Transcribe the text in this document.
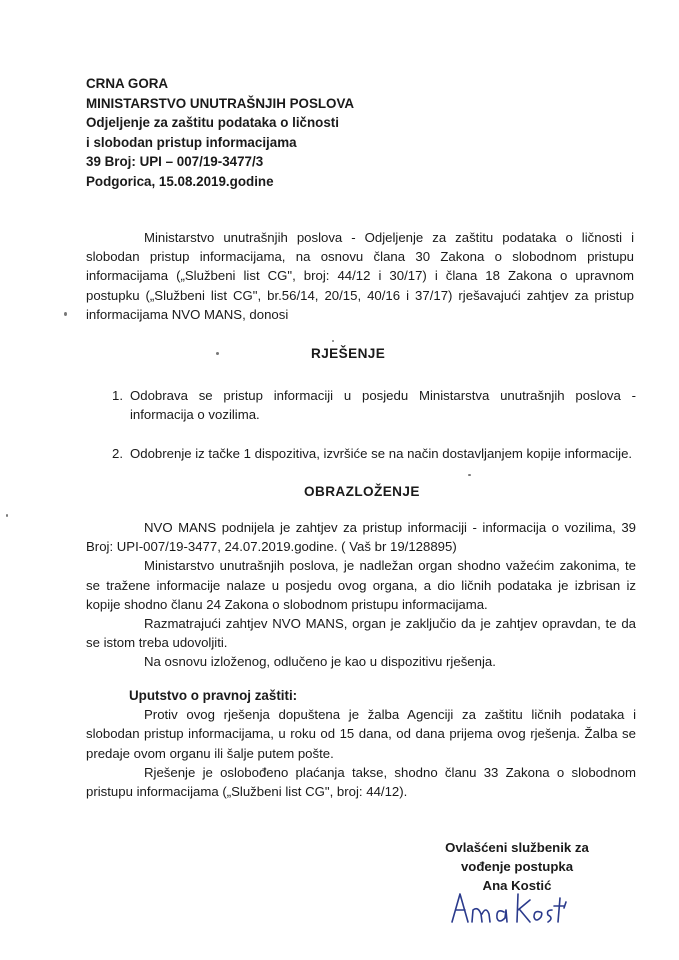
CRNA GORA
MINISTARSTVO UNUTRAŠNJIH POSLOVA
Odjeljenje za zaštitu podataka o ličnosti
i slobodan pristup informacijama
39 Broj: UPI – 007/19-3477/3
Podgorica, 15.08.2019.godine
Ministarstvo unutrašnjih poslova - Odjeljenje za zaštitu podataka o ličnosti i slobodan pristup informacijama, na osnovu člana 30 Zakona o slobodnom pristupu informacijama („Službeni list CG", broj: 44/12 i 30/17) i člana 18 Zakona o upravnom postupku („Službeni list CG", br.56/14, 20/15, 40/16 i 37/17) rješavajući zahtjev za pristup informacijama NVO MANS, donosi
RJEŠENJE
1. Odobrava se pristup informaciji u posjedu Ministarstva unutrašnjih poslova - informacija o vozilima.
2. Odobrenje iz tačke 1 dispozitiva, izvršiće se na način dostavljanjem kopije informacije.
OBRAZLOŽENJE

NVO MANS podnijela je zahtjev za pristup informaciji - informacija o vozilima, 39 Broj: UPI-007/19-3477, 24.07.2019.godine. ( Vaš br 19/128895)

Ministarstvo unutrašnjih poslova, je nadležan organ shodno važećim zakonima, te se tražene informacije nalaze u posjedu ovog organa, a dio ličnih podataka je izbrisan iz kopije shodno članu 24 Zakona o slobodnom pristupu informacijama.

Razmatrajući zahtjev NVO MANS, organ je zaključio da je zahtjev opravdan, te da se istom treba udovoljiti.

Na osnovu izloženog, odlučeno je kao u dispozitivu rješenja.

Uputstvo o pravnoj zaštiti:

Protiv ovog rješenja dopuštena je žalba Agenciji za zaštitu ličnih podataka i slobodan pristup informacijama, u roku od 15 dana, od dana prijema ovog rješenja. Žalba se predaje ovom organu ili šalje putem pošte.

Rješenje je oslobođeno plaćanja takse, shodno članu 33 Zakona o slobodnom pristupu informacijama („Službeni list CG", broj: 44/12).

Ovlašćeni službenik za
vođenje postupka
Ana Kostić
